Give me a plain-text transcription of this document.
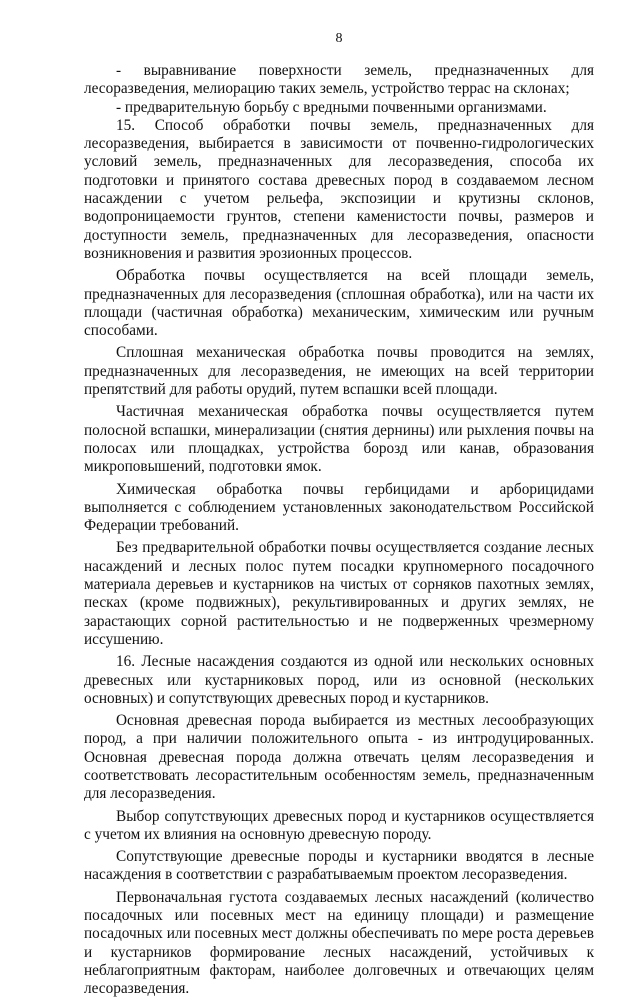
8

- выравнивание поверхности земель, предназначенных для лесоразведения, мелиорацию таких земель, устройство террас на склонах;

- предварительную борьбу с вредными почвенными организмами.

15. Способ обработки почвы земель, предназначенных для лесоразведения, выбирается в зависимости от почвенно-гидрологических условий земель, предназначенных для лесоразведения, способа их подготовки и принятого состава древесных пород в создаваемом лесном насаждении с учетом рельефа, экспозиции и крутизны склонов, водопроницаемости грунтов, степени каменистости почвы, размеров и доступности земель, предназначенных для лесоразведения, опасности возникновения и развития эрозионных процессов.

Обработка почвы осуществляется на всей площади земель, предназначенных для лесоразведения (сплошная обработка), или на части их площади (частичная обработка) механическим, химическим или ручным способами.

Сплошная механическая обработка почвы проводится на землях, предназначенных для лесоразведения, не имеющих на всей территории препятствий для работы орудий, путем вспашки всей площади.

Частичная механическая обработка почвы осуществляется путем полосной вспашки, минерализации (снятия дернины) или рыхления почвы на полосах или площадках, устройства борозд или канав, образования микроповышений, подготовки ямок.

Химическая обработка почвы гербицидами и арборицидами выполняется с соблюдением установленных законодательством Российской Федерации требований.

Без предварительной обработки почвы осуществляется создание лесных насаждений и лесных полос путем посадки крупномерного посадочного материала деревьев и кустарников на чистых от сорняков пахотных землях, песках (кроме подвижных), рекультивированных и других землях, не зарастающих сорной растительностью и не подверженных чрезмерному иссушению.

16. Лесные насаждения создаются из одной или нескольких основных древесных или кустарниковых пород, или из основной (нескольких основных) и сопутствующих древесных пород и кустарников.

Основная древесная порода выбирается из местных лесообразующих пород, а при наличии положительного опыта - из интродуцированных. Основная древесная порода должна отвечать целям лесоразведения и соответствовать лесорастительным особенностям земель, предназначенным для лесоразведения.

Выбор сопутствующих древесных пород и кустарников осуществляется с учетом их влияния на основную древесную породу.

Сопутствующие древесные породы и кустарники вводятся в лесные насаждения в соответствии с разрабатываемым проектом лесоразведения.

Первоначальная густота создаваемых лесных насаждений (количество посадочных или посевных мест на единицу площади) и размещение посадочных или посевных мест должны обеспечивать по мере роста деревьев и кустарников формирование лесных насаждений, устойчивых к неблагоприятным факторам, наиболее долговечных и отвечающих целям лесоразведения.
